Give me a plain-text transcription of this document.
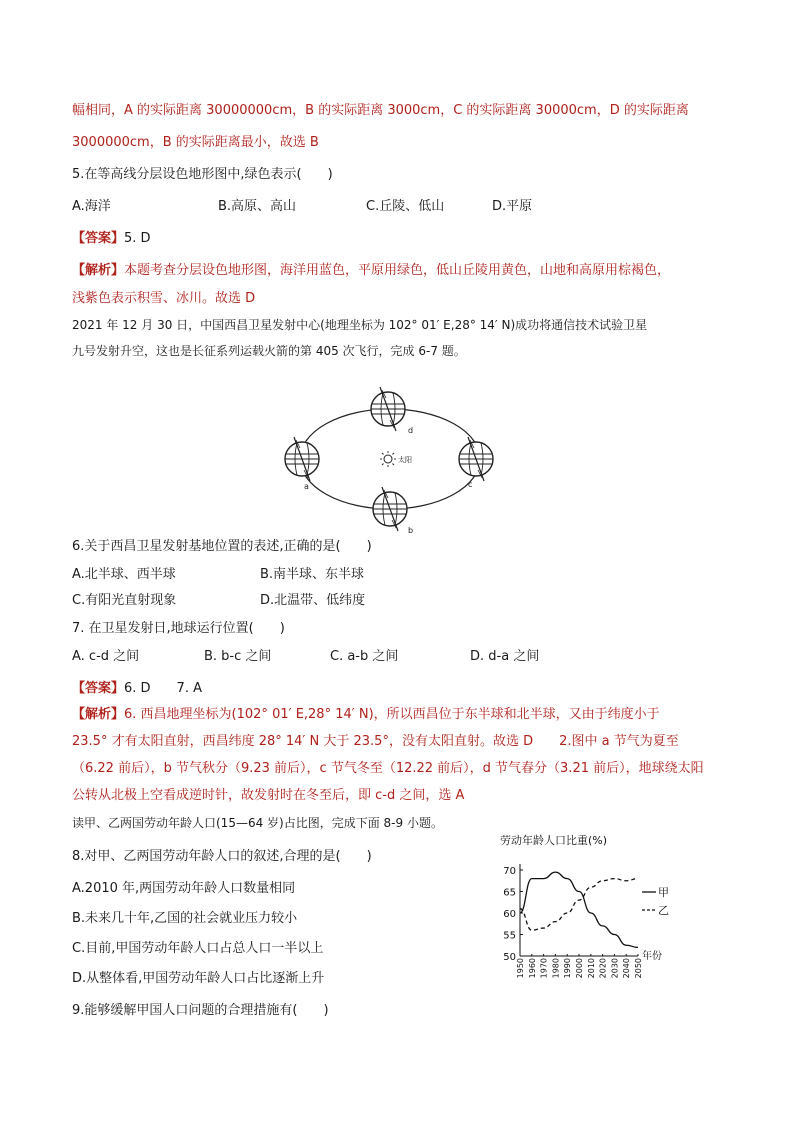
幅相同，A 的实际距离 30000000cm，B 的实际距离 3000cm，C 的实际距离 30000cm，D 的实际距离
3000000cm，B 的实际距离最小，故选 B
5.在等高线分层设色地形图中,绿色表示(　　)
A.海洋	B.高原、高山	C.丘陵、低山	D.平原
【答案】5. D
【解析】本题考查分层设色地形图，海洋用蓝色，平原用绿色，低山丘陵用黄色，山地和高原用棕褐色，
浅紫色表示积雪、冰川。故选 D
2021 年 12 月 30 日，中国西昌卫星发射中心(地理坐标为 102° 01′ E,28° 14′ N)成功将通信技术试验卫星
九号发射升空，这也是长征系列运载火箭的第 405 次飞行，完成 6-7 题。
太阳
d
a	c
b
6.关于西昌卫星发射基地位置的表述,正确的是(　　)
A.北半球、西半球	B.南半球、东半球
C.有阳光直射现象	D.北温带、低纬度
7. 在卫星发射日,地球运行位置(　　)
A. c-d 之间	B. b-c 之间	C. a-b 之间	D. d-a 之间
【答案】6. D　　7. A
【解析】6. 西昌地理坐标为(102° 01′ E,28° 14′ N)，所以西昌位于东半球和北半球，又由于纬度小于
23.5° 才有太阳直射，西昌纬度 28° 14′ N 大于 23.5°，没有太阳直射。故选 D　　2.图中 a 节气为夏至
（6.22 前后），b 节气秋分（9.23 前后），c 节气冬至（12.22 前后），d 节气春分（3.21 前后），地球绕太阳
公转从北极上空看成逆时针，故发射时在冬至后，即 c-d 之间，选 A
读甲、乙两国劳动年龄人口(15—64 岁)占比图，完成下面 8-9 小题。
8.对甲、乙两国劳动年龄人口的叙述,合理的是(　　)
A.2010 年,两国劳动年龄人口数量相同
B.未来几十年,乙国的社会就业压力较小
C.目前,甲国劳动年龄人口占总人口一半以上
D.从整体看,甲国劳动年龄人口占比逐渐上升
9.能够缓解甲国人口问题的合理措施有(　　)
劳动年龄人口比重(%)
50
55
60
65
70
1950 1960 1970 1980 1990 2000 2010 2020 2030 2040 2050
年份
甲
乙
